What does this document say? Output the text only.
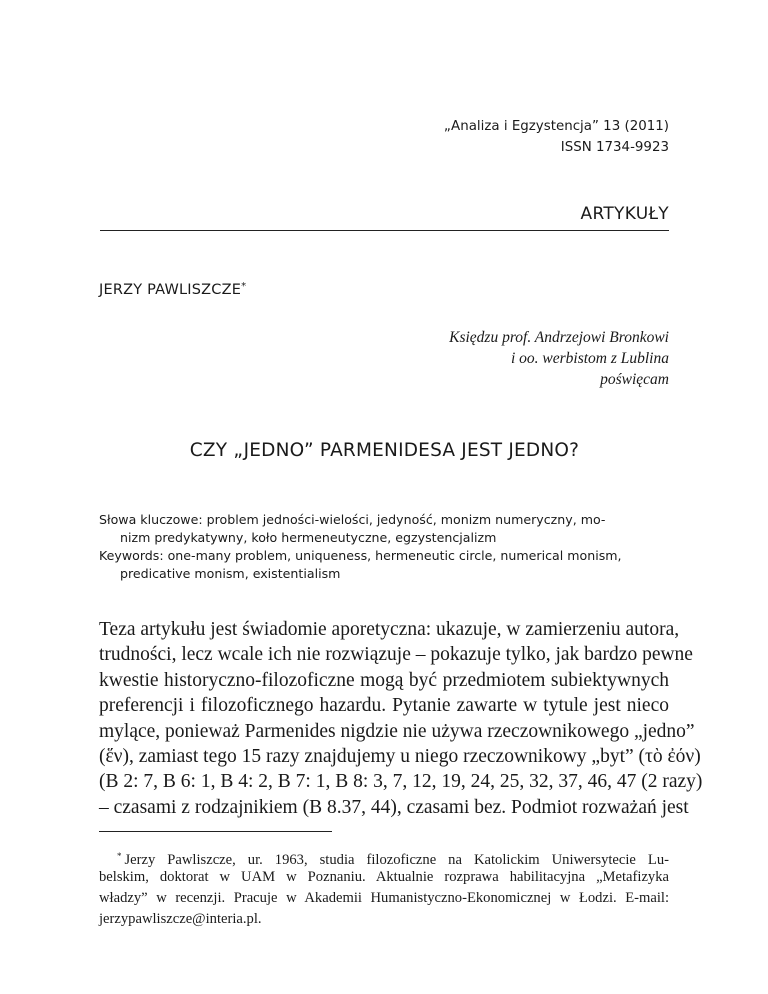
„Analiza i Egzystencja” 13 (2011)
ISSN 1734-9923
ARTYKUŁY
JERZY PAWLISZCZE*
Księdzu prof. Andrzejowi Bronkowi
i oo. werbistom z Lublina
poświęcam
CZY „JEDNO” PARMENIDESA JEST JEDNO?
Słowa kluczowe: problem jedności-wielości, jedyność, monizm numeryczny, mo-
nizm predykatywny, koło hermeneutyczne, egzystencjalizm
Keywords: one-many problem, uniqueness, hermeneutic circle, numerical monism,
predicative monism, existentialism
Teza artykułu jest świadomie aporetyczna: ukazuje, w zamierzeniu autora,
trudności, lecz wcale ich nie rozwiązuje – pokazuje tylko, jak bardzo pewne
kwestie historyczno-filozoficzne mogą być przedmiotem subiektywnych
preferencji i filozoficznego hazardu. Pytanie zawarte w tytule jest nieco
mylące, ponieważ Parmenides nigdzie nie używa rzeczownikowego „jedno”
(ἕν), zamiast tego 15 razy znajdujemy u niego rzeczownikowy „byt” (τὸ ἐόν)
(B 2: 7, B 6: 1, B 4: 2, B 7: 1, B 8: 3, 7, 12, 19, 24, 25, 32, 37, 46, 47 (2 razy)
– czasami z rodzajnikiem (B 8.37, 44), czasami bez. Podmiot rozważań jest
* Jerzy Pawliszcze, ur. 1963, studia filozoficzne na Katolickim Uniwersytecie Lu-
belskim, doktorat w UAM w Poznaniu. Aktualnie rozprawa habilitacyjna „Metafizyka
władzy” w recenzji. Pracuje w Akademii Humanistyczno-Ekonomicznej w Łodzi. E-mail:
jerzypawliszcze@interia.pl.
